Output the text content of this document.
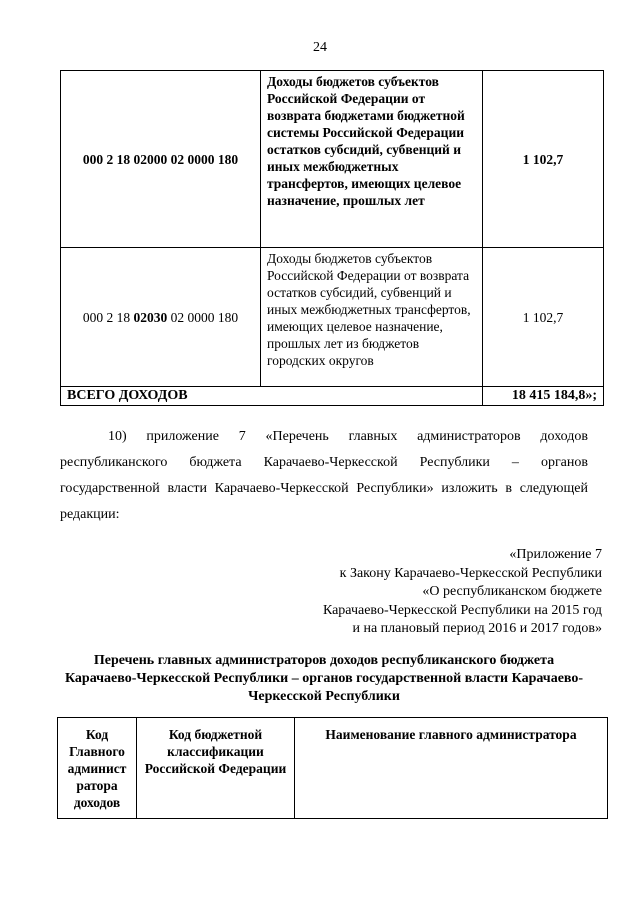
24
000 2 18 02000 02 0000 180	Доходы бюджетов субъектов Российской Федерации от возврата бюджетами бюджетной системы Российской Федерации остатков субсидий, субвенций и иных межбюджетных трансфертов, имеющих целевое назначение, прошлых лет	1 102,7
000 2 18 02030 02 0000 180	Доходы бюджетов субъектов Российской Федерации от возврата остатков субсидий, субвенций и иных межбюджетных трансфертов, имеющих целевое назначение, прошлых лет из бюджетов городских округов	1 102,7
ВСЕГО ДОХОДОВ		18 415 184,8»;

10) приложение 7 «Перечень главных администраторов доходов республиканского бюджета Карачаево-Черкесской Республики – органов государственной власти Карачаево-Черкесской Республики» изложить в следующей редакции:

«Приложение 7
к Закону Карачаево-Черкесской Республики
«О республиканском бюджете
Карачаево-Черкесской Республики на 2015 год
и на плановый период 2016 и 2017 годов»
Перечень главных администраторов доходов республиканского бюджета Карачаево-Черкесской Республики – органов государственной власти Карачаево-Черкесской Республики
Код Главного админист ратора доходов	Код бюджетной классификации Российской Федерации	Наименование главного администратора
